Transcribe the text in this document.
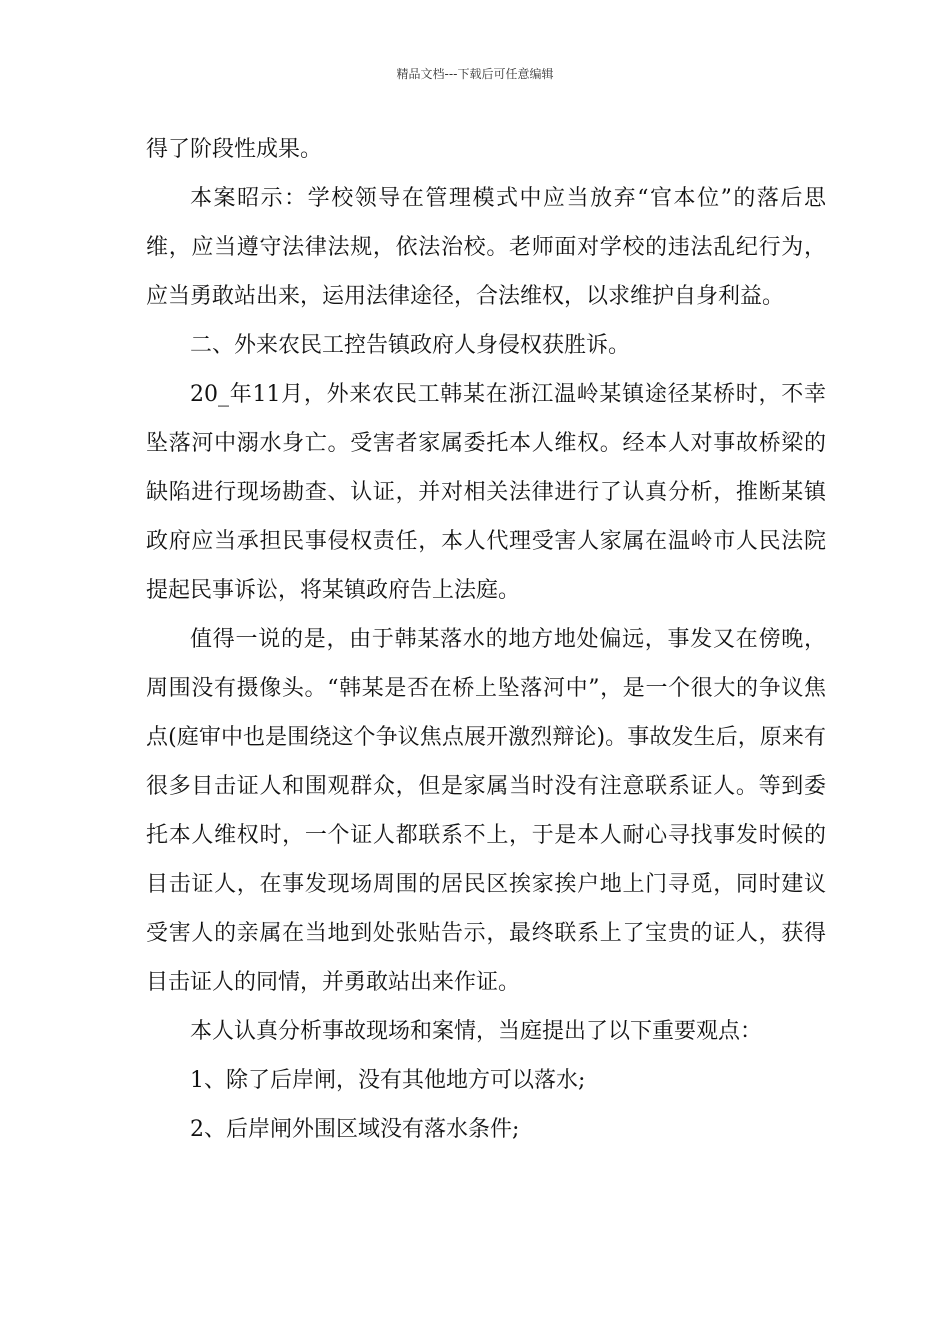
精品文档---下载后可任意编辑

得了阶段性成果。

本案昭示：学校领导在管理模式中应当放弃“官本位”的落后思维，应当遵守法律法规，依法治校。老师面对学校的违法乱纪行为，应当勇敢站出来，运用法律途径，合法维权，以求维护自身利益。

二、外来农民工控告镇政府人身侵权获胜诉。

20_年11月，外来农民工韩某在浙江温岭某镇途径某桥时，不幸坠落河中溺水身亡。受害者家属委托本人维权。经本人对事故桥梁的缺陷进行现场勘查、认证，并对相关法律进行了认真分析，推断某镇政府应当承担民事侵权责任，本人代理受害人家属在温岭市人民法院提起民事诉讼，将某镇政府告上法庭。

值得一说的是，由于韩某落水的地方地处偏远，事发又在傍晚，周围没有摄像头。“韩某是否在桥上坠落河中”，是一个很大的争议焦点(庭审中也是围绕这个争议焦点展开激烈辩论)。事故发生后，原来有很多目击证人和围观群众，但是家属当时没有注意联系证人。等到委托本人维权时，一个证人都联系不上，于是本人耐心寻找事发时候的目击证人，在事发现场周围的居民区挨家挨户地上门寻觅，同时建议受害人的亲属在当地到处张贴告示，最终联系上了宝贵的证人，获得目击证人的同情，并勇敢站出来作证。

本人认真分析事故现场和案情，当庭提出了以下重要观点：

1、除了后岸闸，没有其他地方可以落水;

2、后岸闸外围区域没有落水条件;
